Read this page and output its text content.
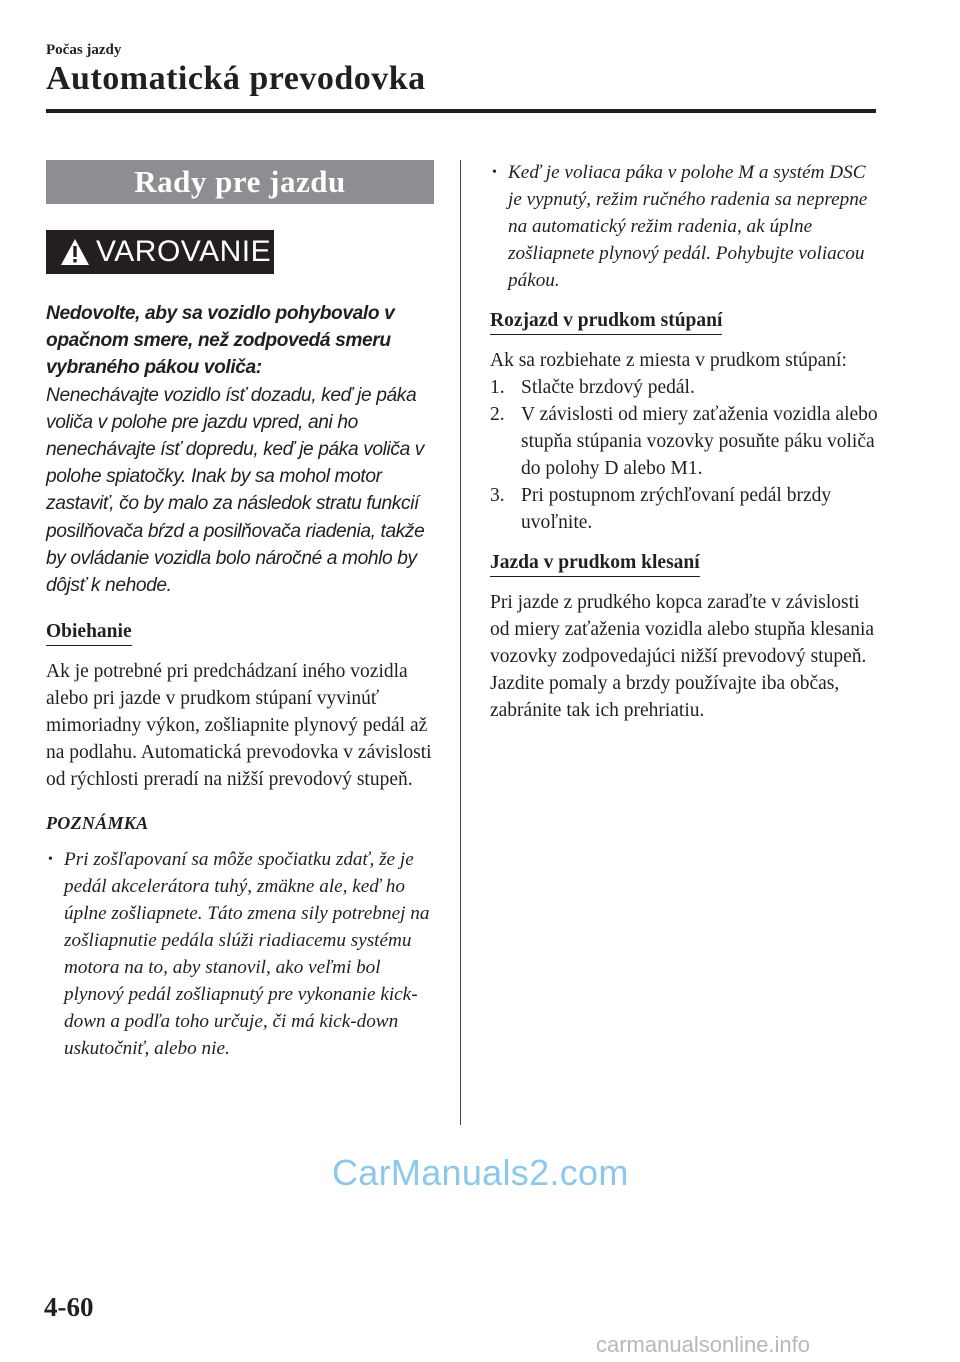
Počas jazdy
Automatická prevodovka
Rady pre jazdu
VAROVANIE
Nedovolte, aby sa vozidlo pohybovalo v opačnom smere, než zodpovedá smeru vybraného pákou voliča:
Nenechávajte vozidlo ísť dozadu, keď je páka voliča v polohe pre jazdu vpred, ani ho nenechávajte ísť dopredu, keď je páka voliča v polohe spiatočky. Inak by sa mohol motor zastaviť, čo by malo za následok stratu funkcií posilňovača bŕzd a posilňovača riadenia, takže by ovládanie vozidla bolo náročné a mohlo by dôjsť k nehode.
Obiehanie

Ak je potrebné pri predchádzaní iného vozidla alebo pri jazde v prudkom stúpaní vyvinúť mimoriadny výkon, zošliapnite plynový pedál až na podlahu. Automatická prevodovka v závislosti od rýchlosti preradí na nižší prevodový stupeň.

POZNÁMKA
• Pri zošľapovaní sa môže spočiatku zdať, že je pedál akcelerátora tuhý, zmäkne ale, keď ho úplne zošliapnete. Táto zmena sily potrebnej na zošliapnutie pedála slúži riadiacemu systému motora na to, aby stanovil, ako veľmi bol plynový pedál zošliapnutý pre vykonanie kick-down a podľa toho určuje, či má kick-down uskutočniť, alebo nie.
• Keď je voliaca páka v polohe M a systém DSC je vypnutý, režim ručného radenia sa neprepne na automatický režim radenia, ak úplne zošliapnete plynový pedál. Pohybujte voliacou pákou.
Rozjazd v prudkom stúpaní

Ak sa rozbiehate z miesta v prudkom stúpaní:

1. Stlačte brzdový pedál.
2. V závislosti od miery zaťaženia vozidla alebo stupňa stúpania vozovky posuňte páku voliča do polohy D alebo M1.
3. Pri postupnom zrýchľovaní pedál brzdy uvoľnite.
Jazda v prudkom klesaní

Pri jazde z prudkého kopca zaraďte v závislosti od miery zaťaženia vozidla alebo stupňa klesania vozovky zodpovedajúci nižší prevodový stupeň. Jazdite pomaly a brzdy používajte iba občas, zabránite tak ich prehriatiu.

CarManuals2.com
4-60
carmanualsonline.info
